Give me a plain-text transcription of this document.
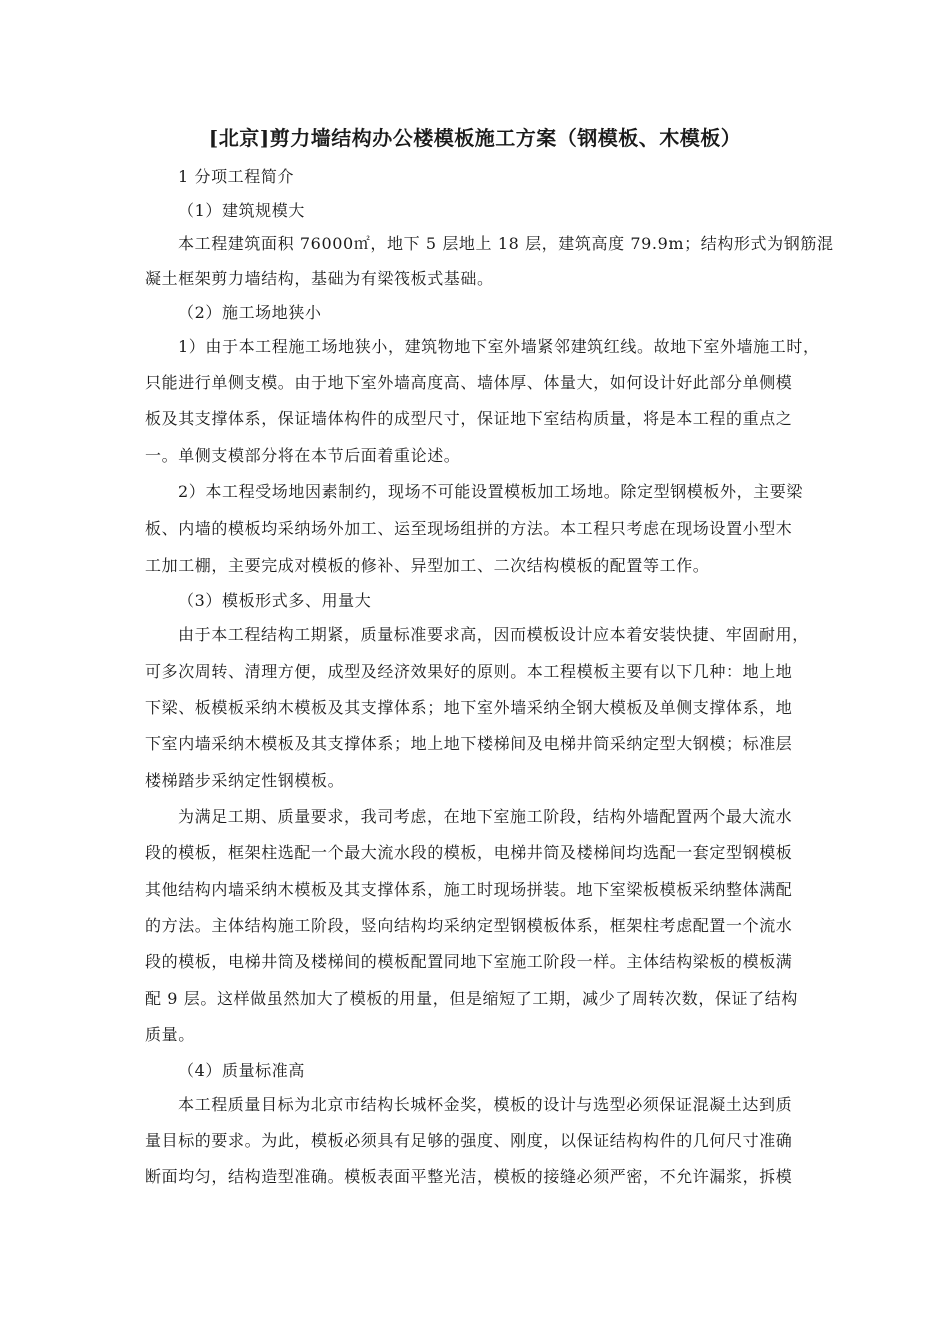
[北京]剪力墙结构办公楼模板施工方案（钢模板、木模板）
1 分项工程简介
（1）建筑规模大
本工程建筑面积 76000㎡，地下 5 层地上 18 层，建筑高度 79.9m；结构形式为钢筋混
凝土框架剪力墙结构，基础为有梁筏板式基础。
（2）施工场地狭小
1）由于本工程施工场地狭小，建筑物地下室外墙紧邻建筑红线。故地下室外墙施工时，
只能进行单侧支模。由于地下室外墙高度高、墙体厚、体量大，如何设计好此部分单侧模
板及其支撑体系，保证墙体构件的成型尺寸，保证地下室结构质量，将是本工程的重点之
一。单侧支模部分将在本节后面着重论述。
2）本工程受场地因素制约，现场不可能设置模板加工场地。除定型钢模板外，主要梁
板、内墙的模板均采纳场外加工、运至现场组拼的方法。本工程只考虑在现场设置小型木
工加工棚，主要完成对模板的修补、异型加工、二次结构模板的配置等工作。
（3）模板形式多、用量大
由于本工程结构工期紧，质量标准要求高，因而模板设计应本着安装快捷、牢固耐用，
可多次周转、清理方便，成型及经济效果好的原则。本工程模板主要有以下几种：地上地
下梁、板模板采纳木模板及其支撑体系；地下室外墙采纳全钢大模板及单侧支撑体系，地
下室内墙采纳木模板及其支撑体系；地上地下楼梯间及电梯井筒采纳定型大钢模；标准层
楼梯踏步采纳定性钢模板。
为满足工期、质量要求，我司考虑，在地下室施工阶段，结构外墙配置两个最大流水
段的模板，框架柱选配一个最大流水段的模板，电梯井筒及楼梯间均选配一套定型钢模板
其他结构内墙采纳木模板及其支撑体系，施工时现场拼装。地下室梁板模板采纳整体满配
的方法。主体结构施工阶段，竖向结构均采纳定型钢模板体系，框架柱考虑配置一个流水
段的模板，电梯井筒及楼梯间的模板配置同地下室施工阶段一样。主体结构梁板的模板满
配 9 层。这样做虽然加大了模板的用量，但是缩短了工期，减少了周转次数，保证了结构
质量。
（4）质量标准高
本工程质量目标为北京市结构长城杯金奖，模板的设计与选型必须保证混凝土达到质
量目标的要求。为此，模板必须具有足够的强度、刚度，以保证结构构件的几何尺寸准确
断面均匀，结构造型准确。模板表面平整光洁，模板的接缝必须严密，不允许漏浆，拆模
